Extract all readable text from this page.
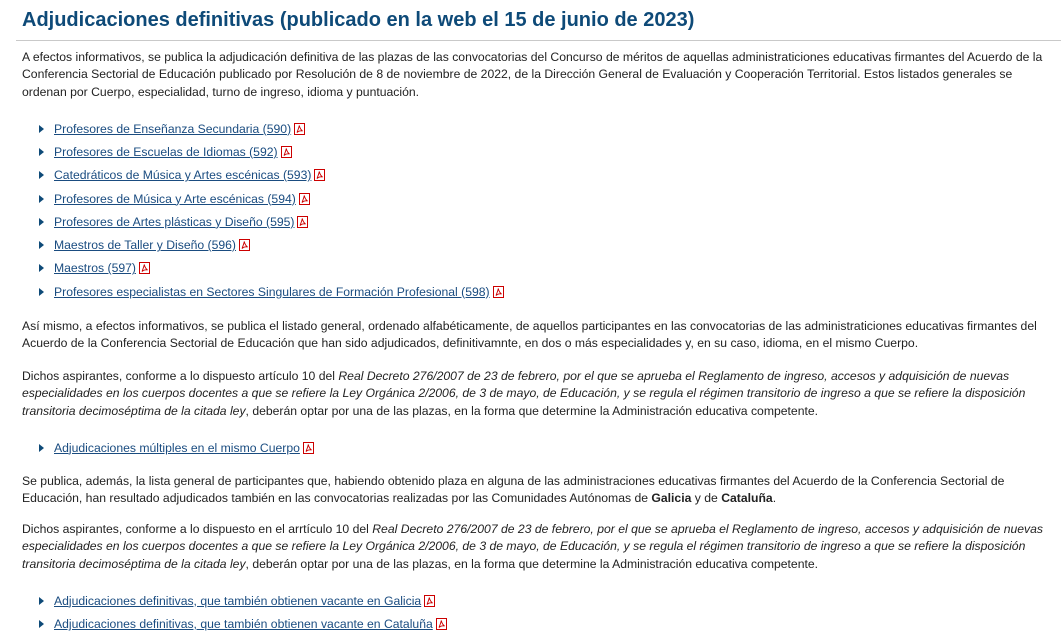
Adjudicaciones definitivas (publicado en la web el 15 de junio de 2023)

A efectos informativos, se publica la adjudicación definitiva de las plazas de las convocatorias del Concurso de méritos de aquellas administraticiones educativas firmantes del Acuerdo de la Conferencia Sectorial de Educación publicado por Resolución de 8 de noviembre de 2022, de la Dirección General de Evaluación y Cooperación Territorial. Estos listados generales se ordenan por Cuerpo, especialidad, turno de ingreso, idioma y puntuación.

Profesores de Enseñanza Secundaria (590)
Profesores de Escuelas de Idiomas (592)
Catedráticos de Música y Artes escénicas (593)
Profesores de Música y Arte escénicas (594)
Profesores de Artes plásticas y Diseño (595)
Maestros de Taller y Diseño (596)
Maestros (597)
Profesores especialistas en Sectores Singulares de Formación Profesional (598)

Así mismo, a efectos informativos, se publica el listado general, ordenado alfabéticamente, de aquellos participantes en las convocatorias de las administraticiones educativas firmantes del Acuerdo de la Conferencia Sectorial de Educación que han sido adjudicados, definitivamnte, en dos o más especialidades y, en su caso, idioma, en el mismo Cuerpo.

Dichos aspirantes, conforme a lo dispuesto artículo 10 del Real Decreto 276/2007 de 23 de febrero, por el que se aprueba el Reglamento de ingreso, accesos y adquisición de nuevas especialidades en los cuerpos docentes a que se refiere la Ley Orgánica 2/2006, de 3 de mayo, de Educación, y se regula el régimen transitorio de ingreso a que se refiere la disposición transitoria decimoséptima de la citada ley, deberán optar por una de las plazas, en la forma que determine la Administración educativa competente.

Adjudicaciones múltiples en el mismo Cuerpo

Se publica, además, la lista general de participantes que, habiendo obtenido plaza en alguna de las administraciones educativas firmantes del Acuerdo de la Conferencia Sectorial de Educación, han resultado adjudicados también en las convocatorias realizadas por las Comunidades Autónomas de Galicia y de Cataluña.

Dichos aspirantes, conforme a lo dispuesto en el arrtículo 10 del Real Decreto 276/2007 de 23 de febrero, por el que se aprueba el Reglamento de ingreso, accesos y adquisición de nuevas especialidades en los cuerpos docentes a que se refiere la Ley Orgánica 2/2006, de 3 de mayo, de Educación, y se regula el régimen transitorio de ingreso a que se refiere la disposición transitoria decimoséptima de la citada ley, deberán optar por una de las plazas, en la forma que determine la Administración educativa competente.

Adjudicaciones definitivas, que también obtienen vacante en Galicia
Adjudicaciones definitivas, que también obtienen vacante en Cataluña
